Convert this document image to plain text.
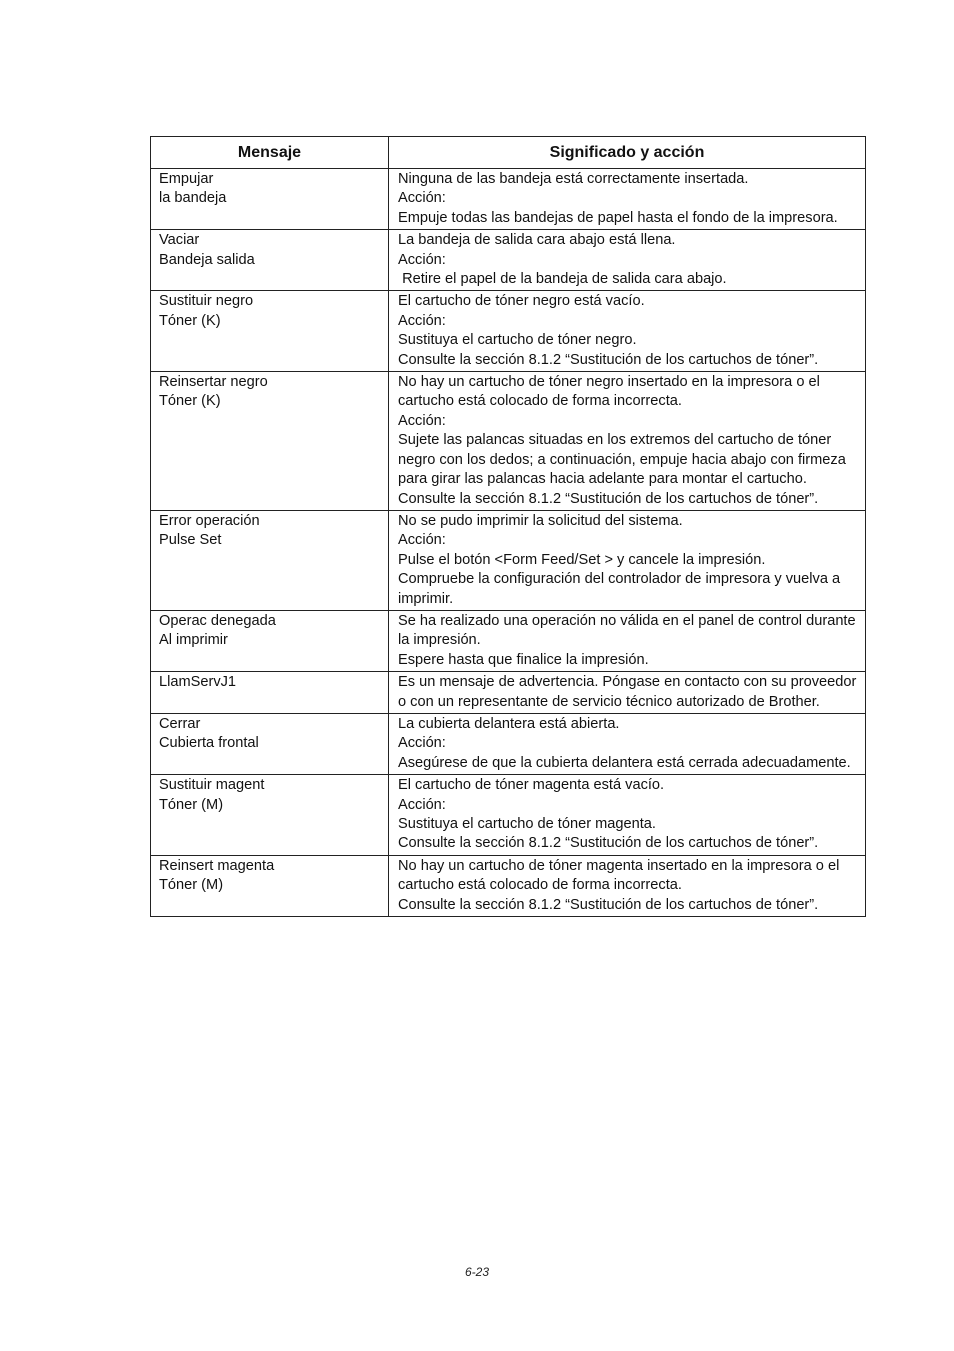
Mensaje	Significado y acción

Empujar
la bandeja	Ninguna de las bandeja está correctamente insertada.
Acción:
Empuje todas las bandejas de papel hasta el fondo de la impresora.

Vaciar
Bandeja salida	La bandeja de salida cara abajo está llena.
Acción:
Retire el papel de la bandeja de salida cara abajo.

Sustituir negro
Tóner (K)	El cartucho de tóner negro está vacío.
Acción:
Sustituya el cartucho de tóner negro.
Consulte la sección 8.1.2 “Sustitución de los cartuchos de tóner”.

Reinsertar negro
Tóner (K)	No hay un cartucho de tóner negro insertado en la impresora o el cartucho está colocado de forma incorrecta.
Acción:
Sujete las palancas situadas en los extremos del cartucho de tóner negro con los dedos; a continuación, empuje hacia abajo con firmeza para girar las palancas hacia adelante para montar el cartucho.
Consulte la sección 8.1.2 “Sustitución de los cartuchos de tóner”.

Error operación
Pulse Set	No se pudo imprimir la solicitud del sistema.
Acción:
Pulse el botón <Form Feed/Set > y cancele la impresión.
Compruebe la configuración del controlador de impresora y vuelva a imprimir.

Operac denegada
Al imprimir	Se ha realizado una operación no válida en el panel de control durante la impresión.
Espere hasta que finalice la impresión.

LlamServJ1	Es un mensaje de advertencia. Póngase en contacto con su proveedor o con un representante de servicio técnico autorizado de Brother.

Cerrar
Cubierta frontal	La cubierta delantera está abierta.
Acción:
Asegúrese de que la cubierta delantera está cerrada adecuadamente.

Sustituir magent
Tóner (M)	El cartucho de tóner magenta está vacío.
Acción:
Sustituya el cartucho de tóner magenta.
Consulte la sección 8.1.2 “Sustitución de los cartuchos de tóner”.

Reinsert magenta
Tóner (M)	No hay un cartucho de tóner magenta insertado en la impresora o el cartucho está colocado de forma incorrecta.
Consulte la sección 8.1.2 “Sustitución de los cartuchos de tóner”.
6-23
